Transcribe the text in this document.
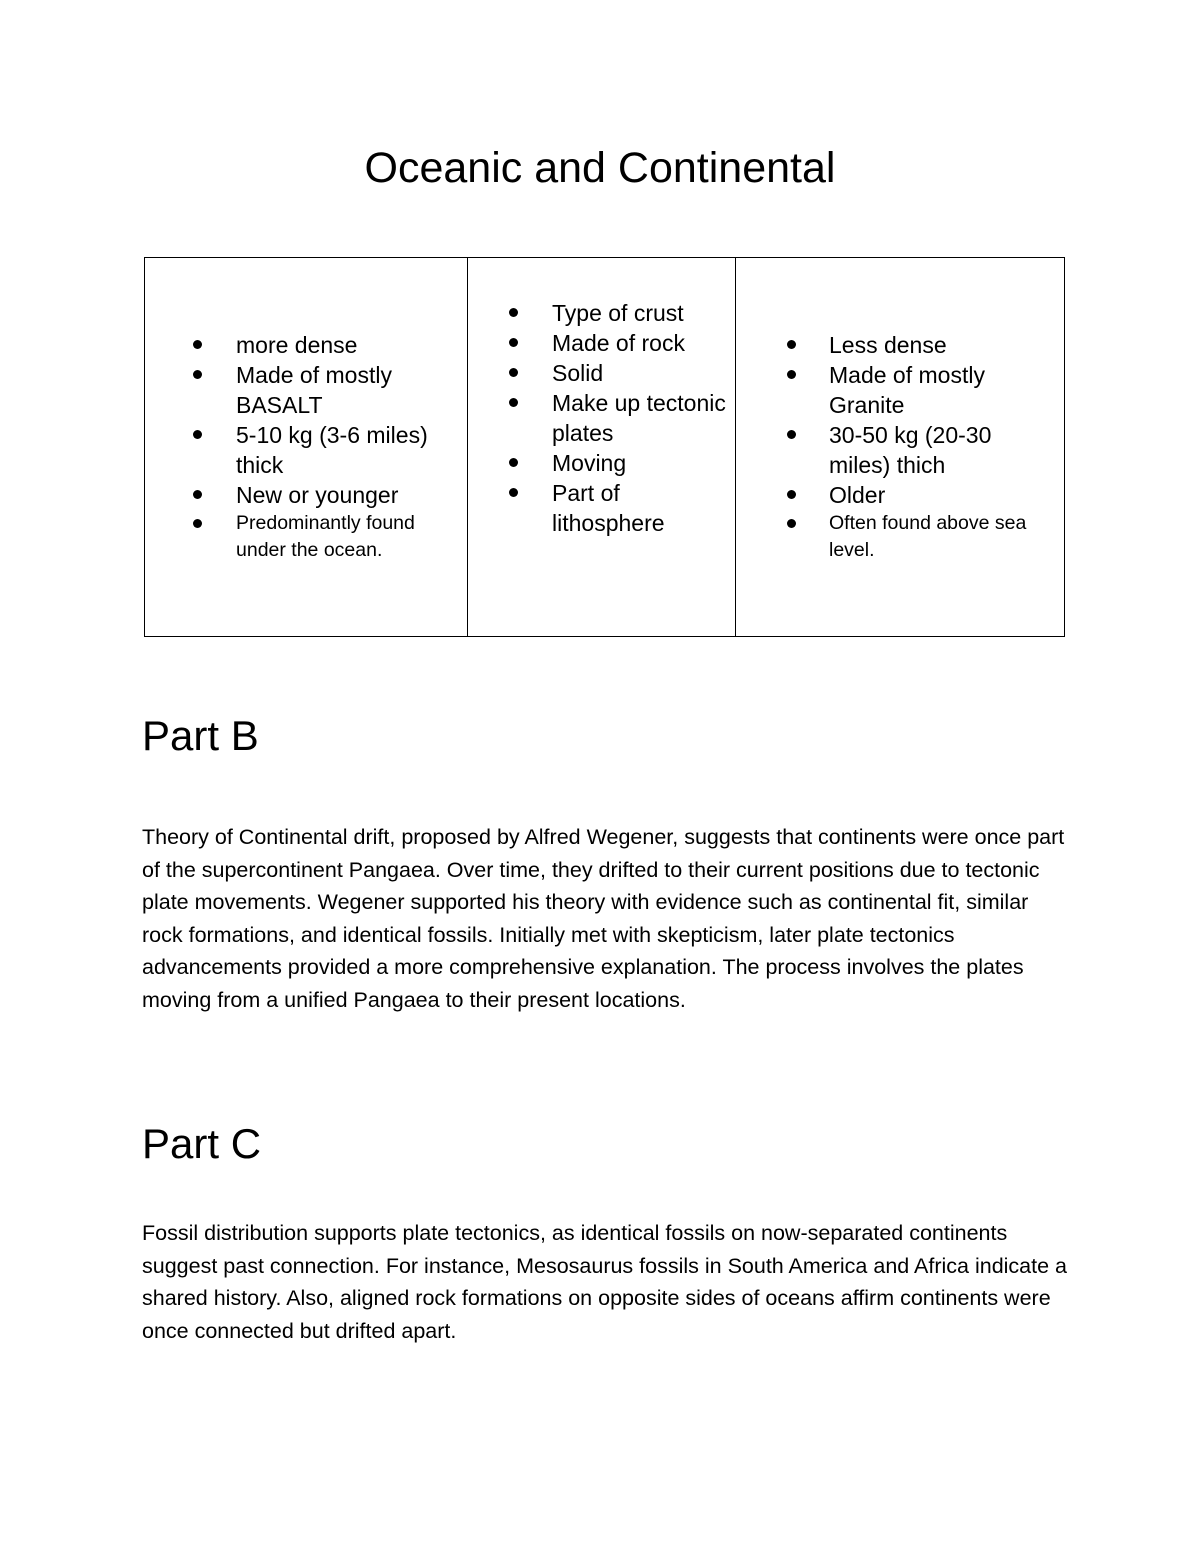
Oceanic and Continental
more dense
Made of mostly BASALT
5-10 kg (3-6 miles) thick
New or younger
Predominantly found under the ocean.

Type of crust
Made of rock
Solid
Make up tectonic plates
Moving
Part of lithosphere

Less dense
Made of mostly Granite
30-50 kg (20-30 miles) thich
Older
Often found above sea level.
Part B

Theory of Continental drift, proposed by Alfred Wegener, suggests that continents were once part of the supercontinent Pangaea. Over time, they drifted to their current positions due to tectonic plate movements. Wegener supported his theory with evidence such as continental fit, similar rock formations, and identical fossils. Initially met with skepticism, later plate tectonics advancements provided a more comprehensive explanation. The process involves the plates moving from a unified Pangaea to their present locations.

Part C

Fossil distribution supports plate tectonics, as identical fossils on now-separated continents suggest past connection. For instance, Mesosaurus fossils in South America and Africa indicate a shared history. Also, aligned rock formations on opposite sides of oceans affirm continents were once connected but drifted apart.
